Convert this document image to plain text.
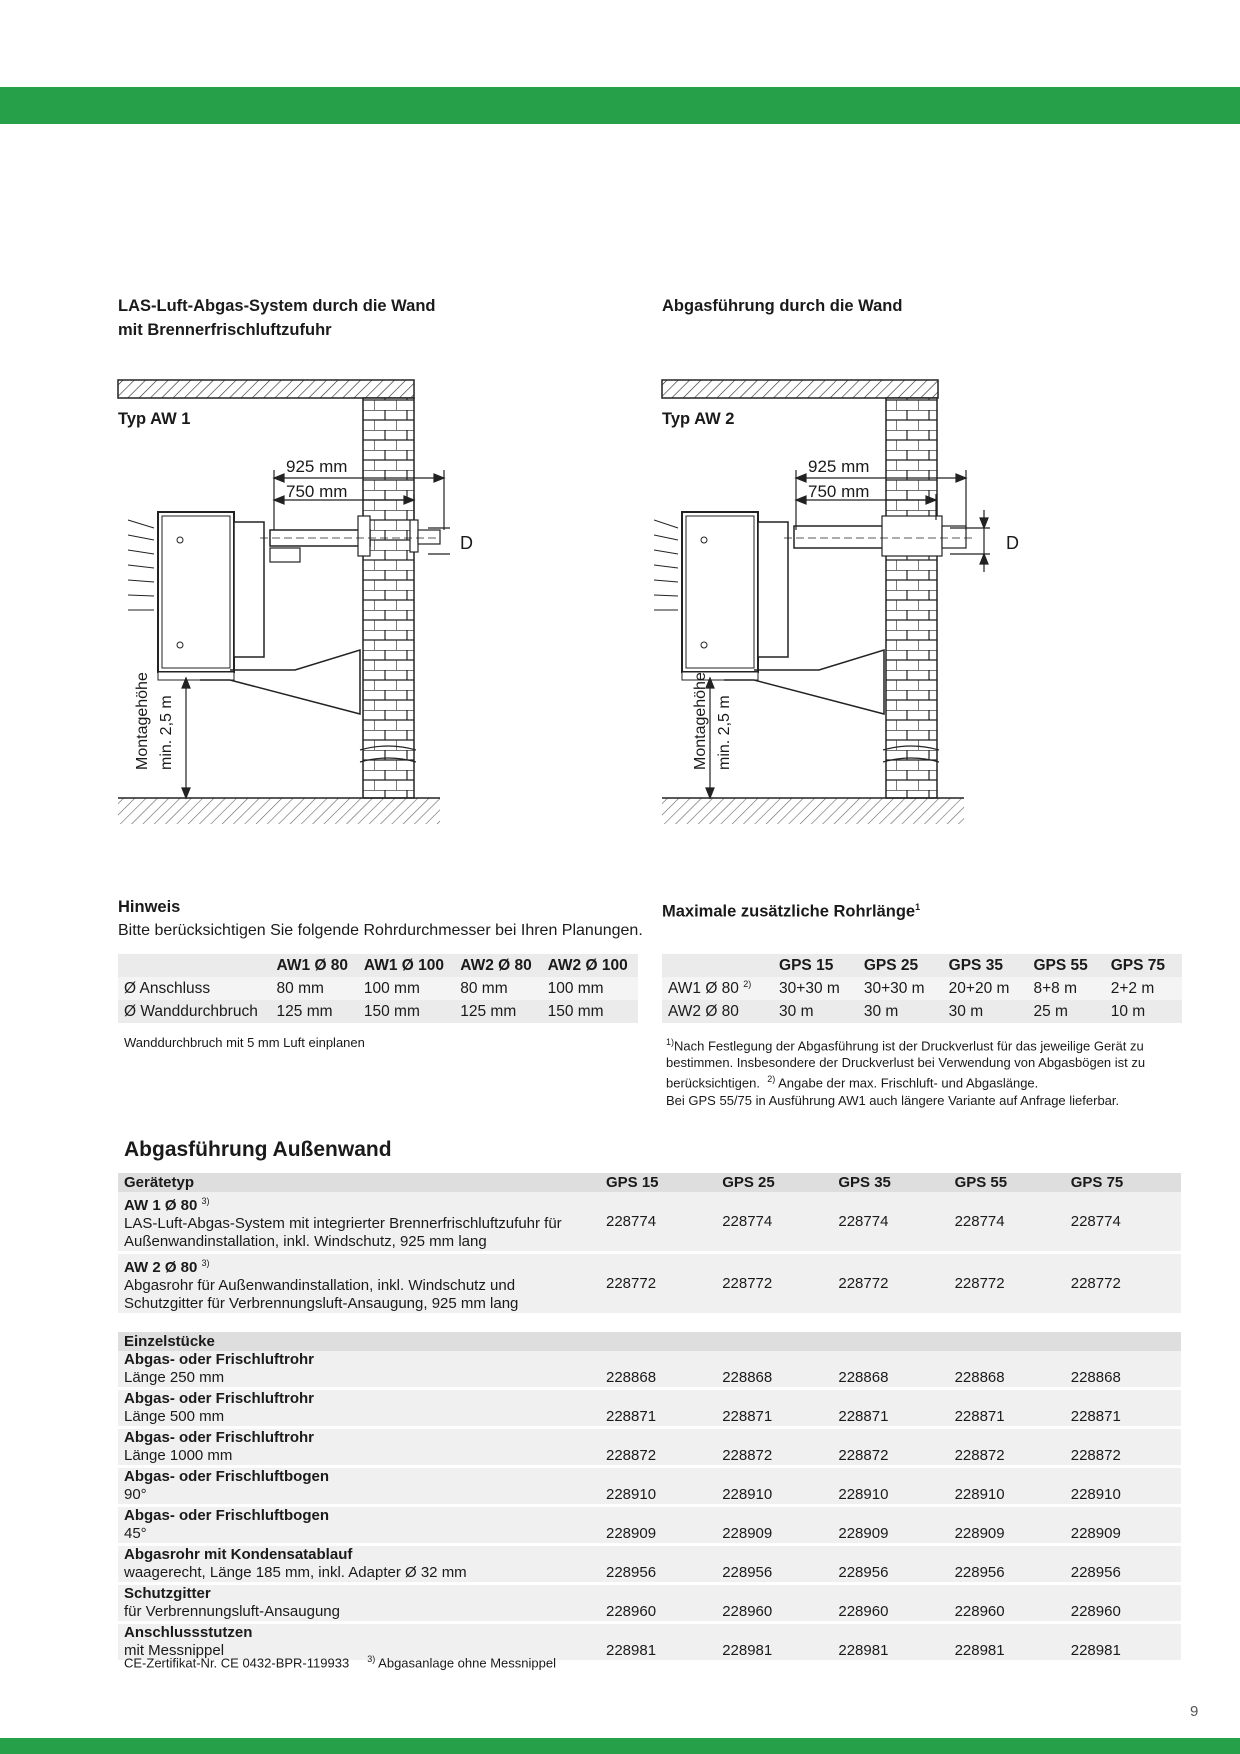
LAS-Luft-Abgas-System durch die Wand
mit Brennerfrischluftzufuhr
Abgasführung durch die Wand
Typ AW 1	Typ AW 2
925 mm
750 mm
D
Montagehöhe min. 2,5 m
925 mm
750 mm
D
Montagehöhe min. 2,5 m
Hinweis
Bitte berücksichtigen Sie folgende Rohrdurchmesser bei Ihren Planungen.
	AW1 Ø 80	AW1 Ø 100	AW2 Ø 80	AW2 Ø 100
Ø Anschluss	80 mm	100 mm	80 mm	100 mm
Ø Wanddurchbruch	125 mm	150 mm	125 mm	150 mm
Wanddurchbruch mit 5 mm Luft einplanen
Maximale zusätzliche Rohrlänge$^1$
	GPS 15	GPS 25	GPS 35	GPS 55	GPS 75
AW1 Ø 80 $^{2)}$	30+30 m	30+30 m	20+20 m	8+8 m	2+2 m
AW2 Ø 80	30 m	30 m	30 m	25 m	10 m
$^{1)}$Nach Festlegung der Abgasführung ist der Druckverlust für das jeweilige Gerät zu bestimmen. Insbesondere der Druckverlust bei Verwendung von Abgasbögen ist zu berücksichtigen. $^{2)}$ Angabe der max. Frischluft- und Abgaslänge.
Bei GPS 55/75 in Ausführung AW1 auch längere Variante auf Anfrage lieferbar.
Abgasführung Außenwand
Gerätetyp	GPS 15	GPS 25	GPS 35	GPS 55	GPS 75
AW 1 Ø 80 $^{3)}$
LAS-Luft-Abgas-System mit integrierter Brennerfrischluftzufuhr für Außenwandinstallation, inkl. Windschutz, 925 mm lang	228774	228774	228774	228774	228774
AW 2 Ø 80 $^{3)}$
Abgasrohr für Außenwandinstallation, inkl. Windschutz und Schutzgitter für Verbrennungsluft-Ansaugung, 925 mm lang	228772	228772	228772	228772	228772
Einzelstücke					
Abgas- oder Frischluftrohr
Länge 250 mm	228868	228868	228868	228868	228868
Abgas- oder Frischluftrohr
Länge 500 mm	228871	228871	228871	228871	228871
Abgas- oder Frischluftrohr
Länge 1000 mm	228872	228872	228872	228872	228872
Abgas- oder Frischluftbogen
90°	228910	228910	228910	228910	228910
Abgas- oder Frischluftbogen
45°	228909	228909	228909	228909	228909
Abgasrohr mit Kondensatablauf
waagerecht, Länge 185 mm, inkl. Adapter Ø 32 mm	228956	228956	228956	228956	228956
Schutzgitter
für Verbrennungsluft-Ansaugung	228960	228960	228960	228960	228960
Anschlussstutzen
mit Messnippel	228981	228981	228981	228981	228981
CE-Zertifikat-Nr. CE 0432-BPR-119933 $^{3)}$ Abgasanlage ohne Messnippel
9
